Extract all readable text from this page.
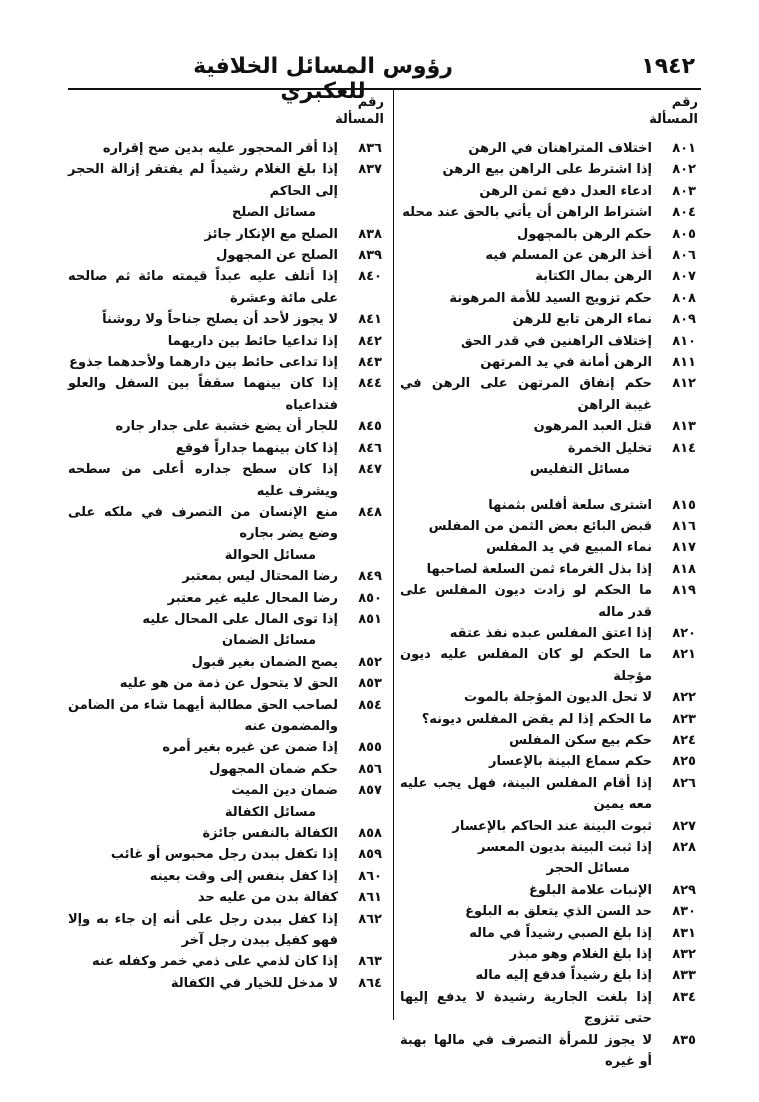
١٩٤٢
رؤوس المسائل الخلافية للعكبري	رقم
المسألة
٨٠١
اختلاف المتراهنان في الرهن
٨٠٢
إذا اشترط على الراهن بيع الرهن
٨٠٣
ادعاء العدل دفع ثمن الرهن
٨٠٤
اشتراط الراهن أن يأتي بالحق عند محله
٨٠٥
حكم الرهن بالمجهول
٨٠٦
أخذ الرهن عن المسلم فيه
٨٠٧
الرهن بمال الكتابة
٨٠٨
حكم تزويج السيد للأمة المرهونة
٨٠٩
نماء الرهن تابع للرهن
٨١٠
إختلاف الراهنين في قدر الحق
٨١١
الرهن أمانة في يد المرتهن
٨١٢
حكم إنفاق المرتهن على الرهن في غيبة الراهن
٨١٣
قتل العبد المرهون
٨١٤
تخليل الخمرة
مسائل التفليس
٨١٥
اشترى سلعة أفلس بثمنها
٨١٦
قبض البائع بعض الثمن من المفلس
٨١٧
نماء المبيع في يد المفلس
٨١٨
إذا بذل الغرماء ثمن السلعة لصاحبها
٨١٩
ما الحكم لو زادت ديون المفلس على قدر ماله
٨٢٠
إذا اعتق المفلس عبده نفذ عتقه
٨٢١
ما الحكم لو كان المفلس عليه ديون مؤجلة
٨٢٢
لا تحل الديون المؤجلة بالموت
٨٢٣
ما الحكم إذا لم يقض المفلس ديونه؟
٨٢٤
حكم بيع سكن المفلس
٨٢٥
حكم سماع البينة بالإعسار
٨٢٦
إذا أقام المفلس البينة، فهل يجب عليه معه يمين
٨٢٧
ثبوت البينة عند الحاكم بالإعسار
٨٢٨
إذا ثبت البينة بديون المعسر
مسائل الحجر
٨٢٩
الإنبات علامة البلوغ
٨٣٠
حد السن الذي يتعلق به البلوغ
٨٣١
إذا بلغ الصبي رشيداً في ماله
٨٣٢
إذا بلغ الغلام وهو مبذر
٨٣٣
إذا بلغ رشيداً فدفع إليه ماله
٨٣٤
إذا بلغت الجارية رشيدة لا يدفع إليها حتى تتزوج
٨٣٥
لا يجوز للمرأة التصرف في مالها بهبة أو غيره
رقم
المسألة
٨٣٦
إذا أقر المحجور عليه بدين صح إقراره
٨٣٧
إذا بلغ الغلام رشيداً لم يفتقر إزالة الحجر إلى الحاكم
مسائل الصلح
٨٣٨
الصلح مع الإنكار جائز
٨٣٩
الصلح عن المجهول
٨٤٠
إذا أتلف عليه عبداً قيمته مائة ثم صالحه على مائة وعشرة
٨٤١
لا يجوز لأحد أن يصلح جناحاً ولا روشناً
٨٤٢
إذا تداعيا حائط بين داريهما
٨٤٣
إذا تداعى حائط بين دارهما ولأحدهما جذوع
٨٤٤
إذا كان بينهما سقفاً بين السفل والعلو فتداعياه
٨٤٥
للجار أن يضع خشبة على جدار جاره
٨٤٦
إذا كان بينهما جداراً فوقع
٨٤٧
إذا كان سطح جداره أعلى من سطحه ويشرف عليه
٨٤٨
منع الإنسان من التصرف في ملكه على وضع يضر بجاره
مسائل الحوالة
٨٤٩
رضا المحتال ليس بمعتبر
٨٥٠
رضا المحال عليه غير معتبر
٨٥١
إذا توى المال على المحال عليه
مسائل الضمان
٨٥٢
يصح الضمان بغير قبول
٨٥٣
الحق لا يتحول عن ذمة من هو عليه
٨٥٤
لصاحب الحق مطالبة أيهما شاء من الضامن والمضمون عنه
٨٥٥
إذا ضمن عن غيره بغير أمره
٨٥٦
حكم ضمان المجهول
٨٥٧
ضمان دين الميت
مسائل الكفالة
٨٥٨
الكفالة بالنفس جائزة
٨٥٩
إذا تكفل ببدن رجل محبوس أو غائب
٨٦٠
إذا كفل بنفس إلى وقت بعينه
٨٦١
كفالة بدن من عليه حد
٨٦٢
إذا كفل ببدن رجل على أنه إن جاء به وإلا فهو كفيل ببدن رجل آخر
٨٦٣
إذا كان لذمي على ذمي خمر وكفله عنه
٨٦٤
لا مدخل للخيار في الكفالة
